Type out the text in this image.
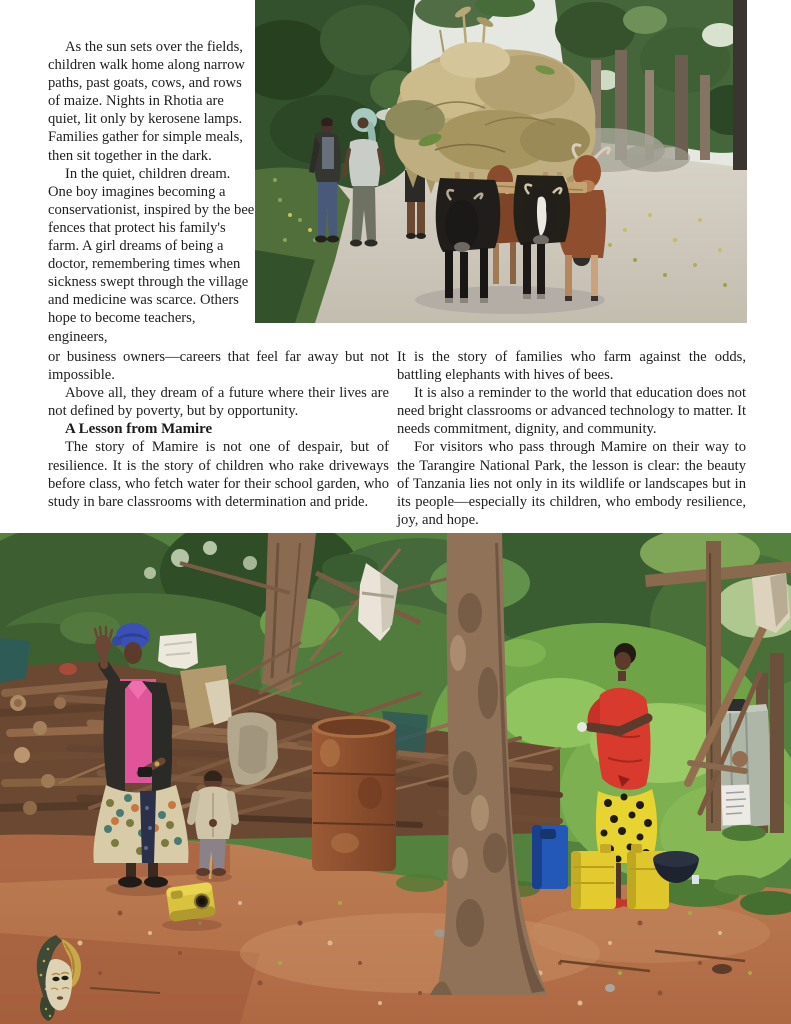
As the sun sets over the fields, children walk home along narrow paths, past goats, cows, and rows of maize. Nights in Rhotia are quiet, lit only by kerosene lamps. Families gather for simple meals, then sit together in the dark.

In the quiet, children dream. One boy imagines becoming a conservationist, inspired by the bee fences that protect his family's farm. A girl dreams of being a doctor, remembering times when sickness swept through the village and medicine was scarce. Others hope to become teachers, engineers,

or business owners—careers that feel far away but not impossible.

Above all, they dream of a future where their lives are not defined by poverty, but by opportunity.

A Lesson from Mamire

The story of Mamire is not one of despair, but of resilience. It is the story of children who rake driveways before class, who fetch water for their school garden, who study in bare classrooms with determination and pride.

It is the story of families who farm against the odds, battling elephants with hives of bees.

It is also a reminder to the world that education does not need bright classrooms or advanced technology to matter. It needs commitment, dignity, and community.

For visitors who pass through Mamire on their way to the Tarangire National Park, the lesson is clear: the beauty of Tanzania lies not only in its wildlife or landscapes but in its people—especially its children, who embody resilience, joy, and hope.
